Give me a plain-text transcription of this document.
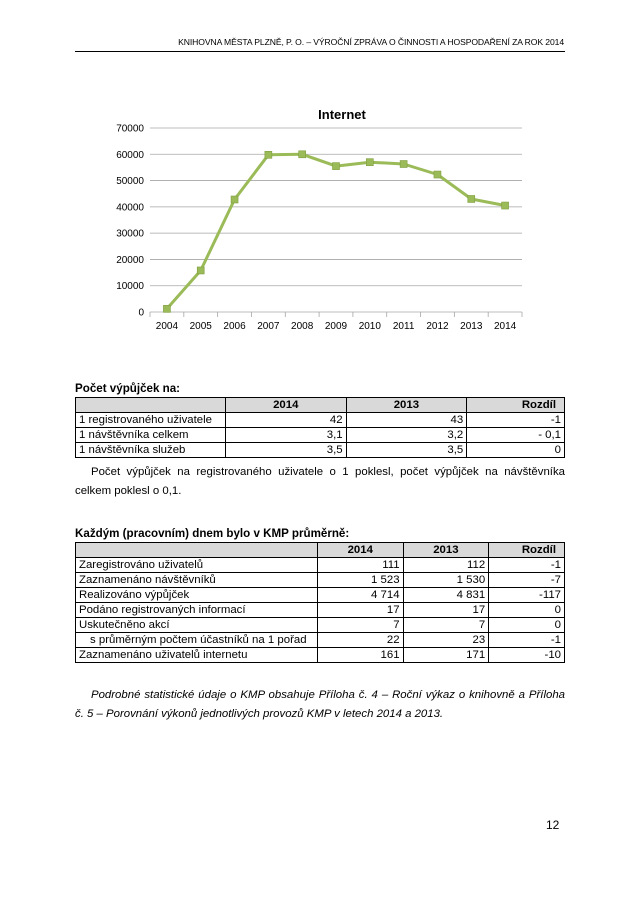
KNIHOVNA MĚSTA PLZNĚ, P. O. – VÝROČNÍ ZPRÁVA O ČINNOSTI A HOSPODAŘENÍ ZA ROK 2014
Internet
0
10000
20000
30000
40000
50000
60000
70000
2004 2005 2006 2007 2008 2009 2010 2011 2012 2013 2014
Počet výpůjček na:
	2014	2013	Rozdíl
1 registrovaného uživatele	42	43	-1
1 návštěvníka celkem	3,1	3,2	- 0,1
1 návštěvníka služeb	3,5	3,5	0
Počet výpůjček na registrovaného uživatele o 1 poklesl, počet výpůjček na návštěvníka celkem poklesl o 0,1.
Každým (pracovním) dnem bylo v KMP průměrně:
	2014	2013	Rozdíl
Zaregistrováno uživatelů	111	112	-1
Zaznamenáno návštěvníků	1 523	1 530	-7
Realizováno výpůjček	4 714	4 831	-117
Podáno registrovaných informací	17	17	0
Uskutečněno akcí	7	7	0
s průměrným počtem účastníků na 1 pořad	22	23	-1
Zaznamenáno uživatelů internetu	161	171	-10
Podrobné statistické údaje o KMP obsahuje Příloha č. 4 – Roční výkaz o knihovně a Příloha č. 5 – Porovnání výkonů jednotlivých provozů KMP v letech 2014 a 2013.
12
